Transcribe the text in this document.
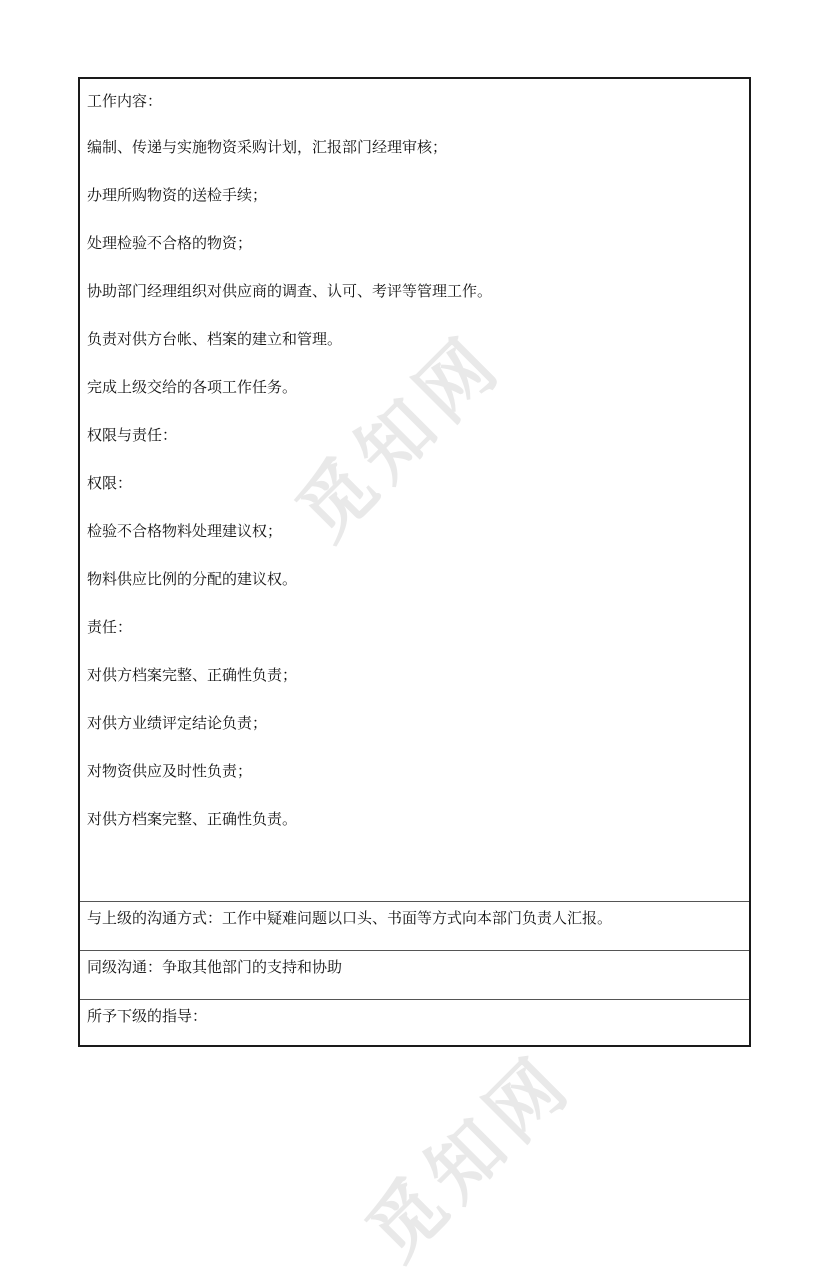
觅知网
觅知网
工作内容：
编制、传递与实施物资采购计划，汇报部门经理审核；
办理所购物资的送检手续；
处理检验不合格的物资；
协助部门经理组织对供应商的调查、认可、考评等管理工作。
负责对供方台帐、档案的建立和管理。
完成上级交给的各项工作任务。
权限与责任：
权限：
检验不合格物料处理建议权；
物料供应比例的分配的建议权。
责任：
对供方档案完整、正确性负责；
对供方业绩评定结论负责；
对物资供应及时性负责；
对供方档案完整、正确性负责。
与上级的沟通方式：工作中疑难问题以口头、书面等方式向本部门负责人汇报。
同级沟通：争取其他部门的支持和协助
所予下级的指导：
